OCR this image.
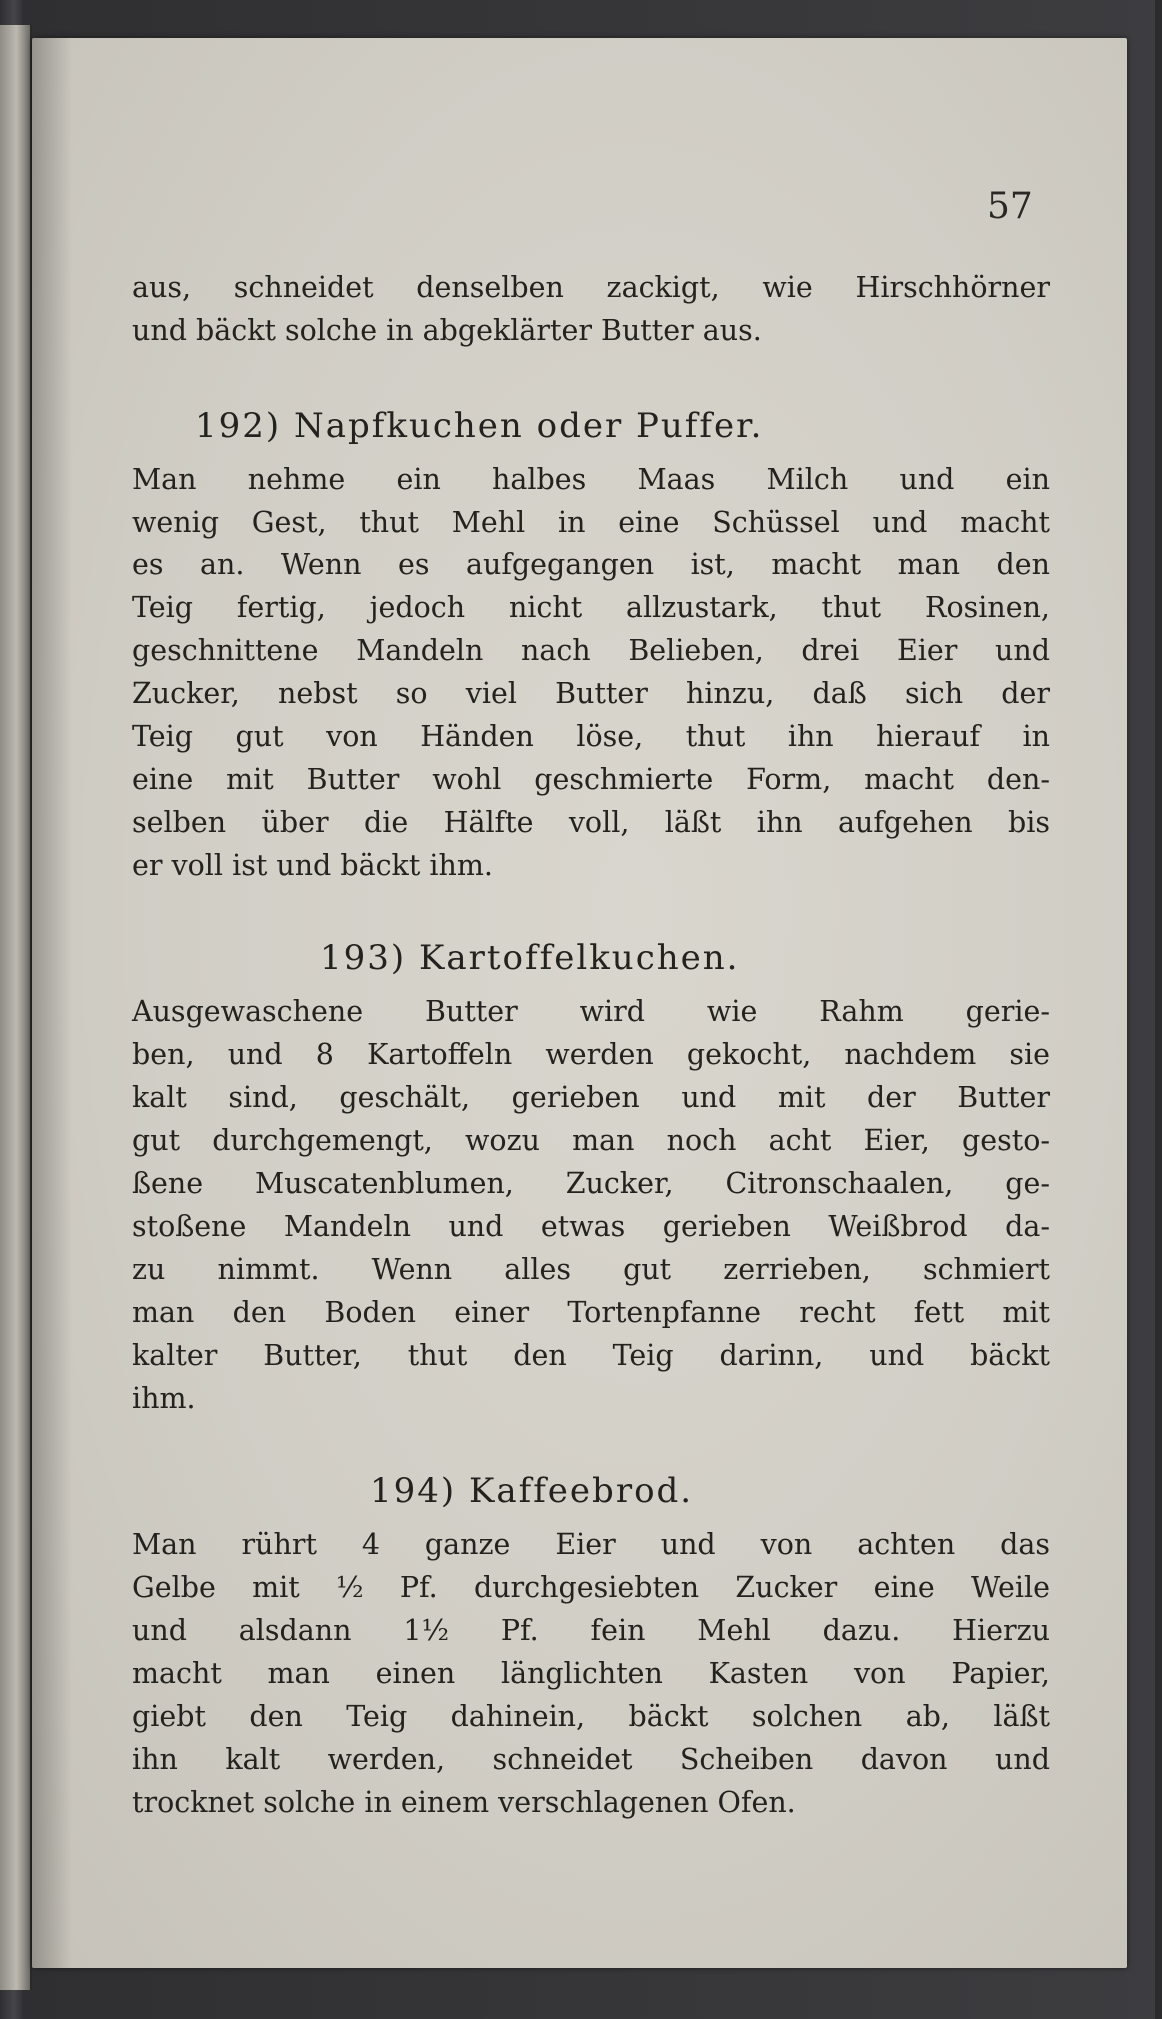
57
aus, schneidet denselben zackigt, wie Hirschhörner
und bäckt solche in abgeklärter Butter aus.
192) Napfkuchen oder Puffer.
Man nehme ein halbes Maas Milch und ein
wenig Gest, thut Mehl in eine Schüssel und macht
es an. Wenn es aufgegangen ist, macht man den
Teig fertig, jedoch nicht allzustark, thut Rosinen,
geschnittene Mandeln nach Belieben, drei Eier und
Zucker, nebst so viel Butter hinzu, daß sich der
Teig gut von Händen löse, thut ihn hierauf in
eine mit Butter wohl geschmierte Form, macht den-
selben über die Hälfte voll, läßt ihn aufgehen bis
er voll ist und bäckt ihm.
193) Kartoffelkuchen.
Ausgewaschene Butter wird wie Rahm gerie-
ben, und 8 Kartoffeln werden gekocht, nachdem sie
kalt sind, geschält, gerieben und mit der Butter
gut durchgemengt, wozu man noch acht Eier, gesto-
ßene Muscatenblumen, Zucker, Citronschaalen, ge-
stoßene Mandeln und etwas gerieben Weißbrod da-
zu nimmt. Wenn alles gut zerrieben, schmiert
man den Boden einer Tortenpfanne recht fett mit
kalter Butter, thut den Teig darinn, und bäckt
ihm.
194) Kaffeebrod.
Man rührt 4 ganze Eier und von achten das
Gelbe mit ½ Pf. durchgesiebten Zucker eine Weile
und alsdann 1½ Pf. fein Mehl dazu. Hierzu
macht man einen länglichten Kasten von Papier,
giebt den Teig dahinein, bäckt solchen ab, läßt
ihn kalt werden, schneidet Scheiben davon und
trocknet solche in einem verschlagenen Ofen.
